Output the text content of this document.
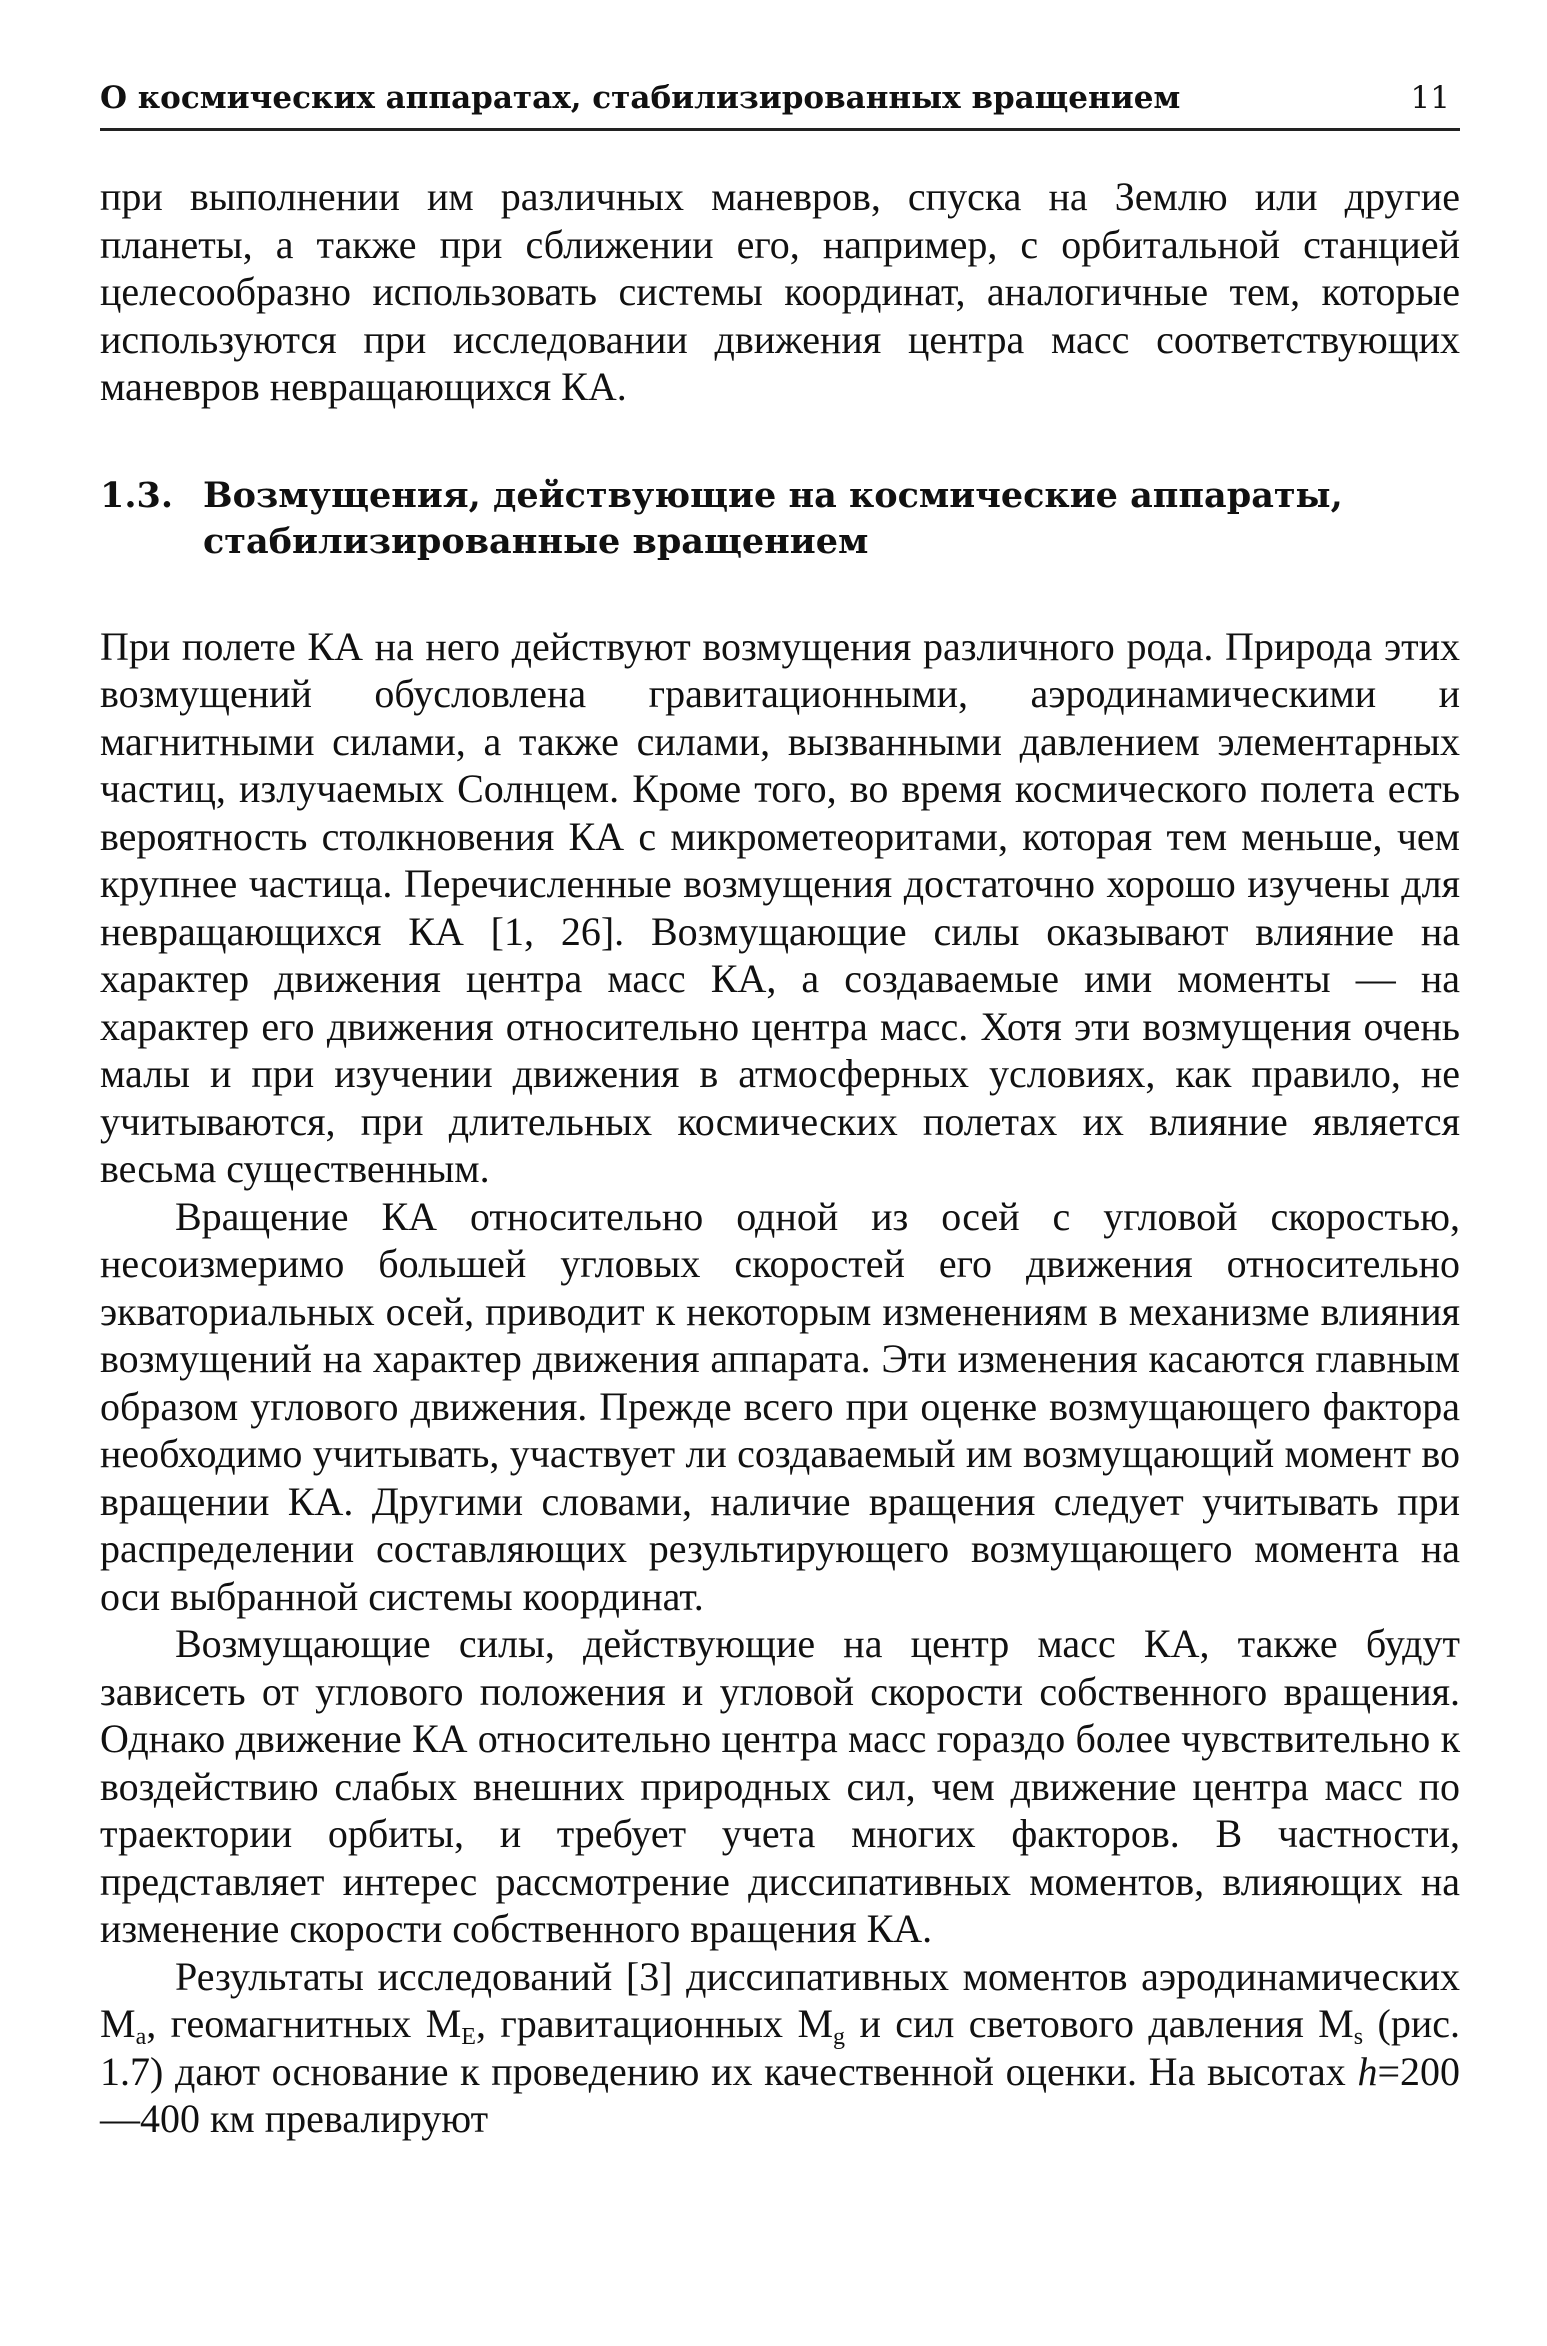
О космических аппаратах, стабилизированных вращением	11

при выполнении им различных маневров, спуска на Землю или другие планеты, а также при сближении его, например, с орбитальной станцией целесообразно использовать системы координат, аналогичные тем, которые используются при исследовании движения центра масс соответствующих маневров невращающихся КА.

1.3. Возмущения, действующие на космические аппараты, стабилизированные вращением

При полете КА на него действуют возмущения различного рода. Природа этих возмущений обусловлена гравитационными, аэродинамическими и магнитными силами, а также силами, вызванными давлением элементарных частиц, излучаемых Солнцем. Кроме того, во время космического полета есть вероятность столкновения КА с микрометеоритами, которая тем меньше, чем крупнее частица. Перечисленные возмущения достаточно хорошо изучены для невращающихся КА [1, 26]. Возмущающие силы оказывают влияние на характер движения центра масс КА, а создаваемые ими моменты — на характер его движения относительно центра масс. Хотя эти возмущения очень малы и при изучении движения в атмосферных условиях, как правило, не учитываются, при длительных космических полетах их влияние является весьма существенным.

Вращение КА относительно одной из осей с угловой скоростью, несоизмеримо большей угловых скоростей его движения относительно экваториальных осей, приводит к некоторым изменениям в механизме влияния возмущений на характер движения аппарата. Эти изменения касаются главным образом углового движения. Прежде всего при оценке возмущающего фактора необходимо учитывать, участвует ли создаваемый им возмущающий момент во вращении КА. Другими словами, наличие вращения следует учитывать при распределении составляющих результирующего возмущающего момента на оси выбранной системы координат.

Возмущающие силы, действующие на центр масс КА, также будут зависеть от углового положения и угловой скорости собственного вращения. Однако движение КА относительно центра масс гораздо более чувствительно к воздействию слабых внешних природных сил, чем движение центра масс по траектории орбиты, и требует учета многих факторов. В частности, представляет интерес рассмотрение диссипативных моментов, влияющих на изменение скорости собственного вращения КА.

Результаты исследований [3] диссипативных моментов аэродинамических $M_a$, геомагнитных $M_E$, гравитационных $M_g$ и сил светового давления $M_s$ (рис. 1.7) дают основание к проведению их качественной оценки. На высотах h=200—400 км превалируют
